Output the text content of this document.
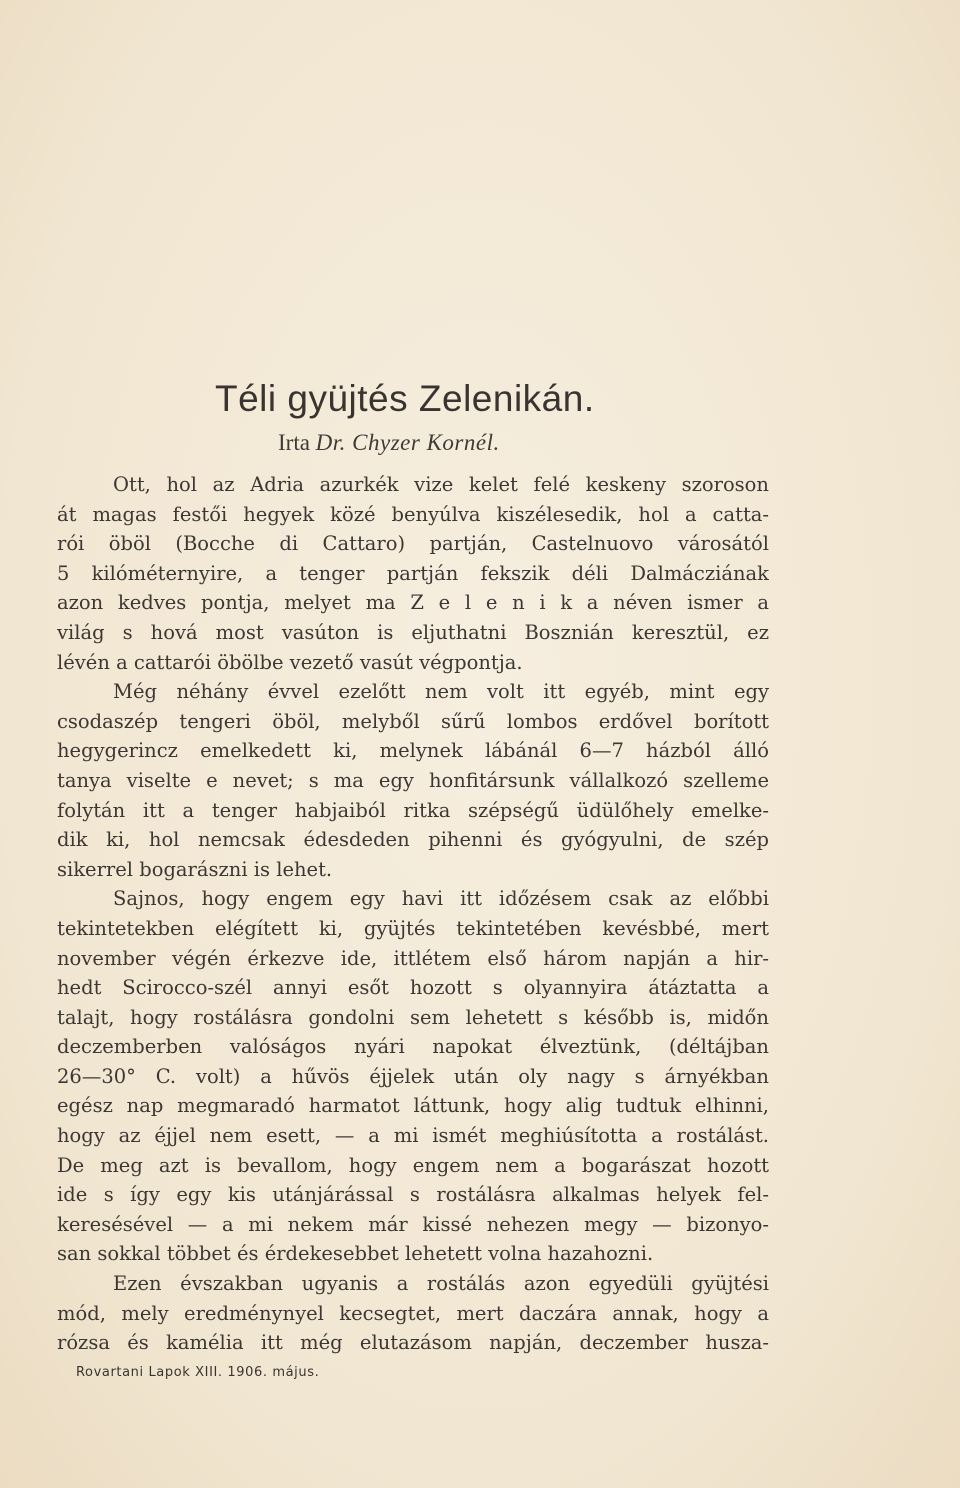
Téli gyüjtés Zelenikán.
Irta Dr. Chyzer Kornél.
Ott, hol az Adria azurkék vize kelet felé keskeny szoroson
át magas festői hegyek közé benyúlva kiszélesedik, hol a catta-
rói öböl (Bocche di Cattaro) partján, Castelnuovo városától
5 kilóméternyire, a tenger partján fekszik déli Dalmácziának
azon kedves pontja, melyet ma Z e l e n i k a néven ismer a
világ s hová most vasúton is eljuthatni Bosznián keresztül, ez
lévén a cattarói öbölbe vezető vasút végpontja.
Még néhány évvel ezelőtt nem volt itt egyéb, mint egy
csodaszép tengeri öböl, melyből sűrű lombos erdővel borított
hegygerincz emelkedett ki, melynek lábánál 6—7 házból álló
tanya viselte e nevet; s ma egy honfitársunk vállalkozó szelleme
folytán itt a tenger habjaiból ritka szépségű üdülőhely emelke-
dik ki, hol nemcsak édesdeden pihenni és gyógyulni, de szép
sikerrel bogarászni is lehet.
Sajnos, hogy engem egy havi itt időzésem csak az előbbi
tekintetekben elégített ki, gyüjtés tekintetében kevésbbé, mert
november végén érkezve ide, ittlétem első három napján a hir-
hedt Scirocco-szél annyi esőt hozott s olyannyira átáztatta a
talajt, hogy rostálásra gondolni sem lehetett s később is, midőn
deczemberben valóságos nyári napokat élveztünk, (déltájban
26—30° C. volt) a hűvös éjjelek után oly nagy s árnyékban
egész nap megmaradó harmatot láttunk, hogy alig tudtuk elhinni,
hogy az éjjel nem esett, — a mi ismét meghiúsította a rostálást.
De meg azt is bevallom, hogy engem nem a bogarászat hozott
ide s így egy kis utánjárással s rostálásra alkalmas helyek fel-
keresésével — a mi nekem már kissé nehezen megy — bizonyo-
san sokkal többet és érdekesebbet lehetett volna hazahozni.
Ezen évszakban ugyanis a rostálás azon egyedüli gyüjtési
mód, mely eredménynyel kecsegtet, mert daczára annak, hogy a
rózsa és kamélia itt még elutazásom napján, deczember husza-
Rovartani Lapok XIII. 1906. május.
